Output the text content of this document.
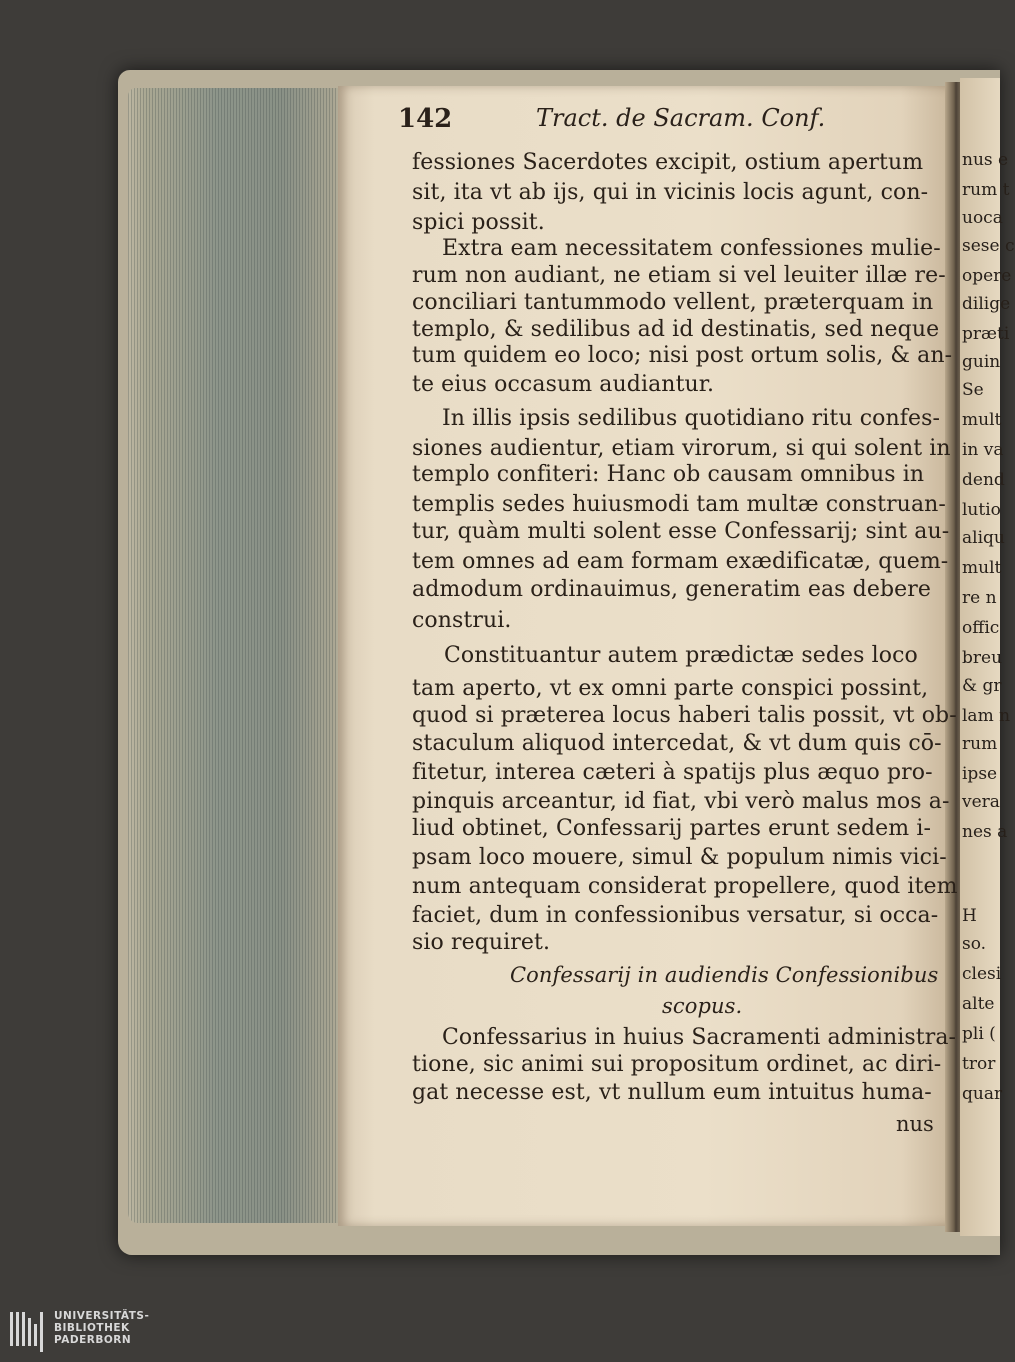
nus e
rum t
uoca
sese c
opere
dilige
præti
guin
Se
mult
in va
dend
lutio
aliqu
mult
re n
offic
breu
& gr
lam n
rum
ipse
vera
nes a
H
so.
clesi
alte
pli (
tror
quar
142	Tract. de Sacram. Conf.
fessiones Sacerdotes excipit, ostium apertum
sit, ita vt ab ijs, qui in vicinis locis agunt, con-
spici possit.
Extra eam necessitatem confessiones mulie-
rum non audiant, ne etiam si vel leuiter illæ re-
conciliari tantummodo vellent, præterquam in
templo, & sedilibus ad id destinatis, sed neque
tum quidem eo loco; nisi post ortum solis, & an-
te eius occasum audiantur.
In illis ipsis sedilibus quotidiano ritu confes-
siones audientur, etiam virorum, si qui solent in
templo confiteri: Hanc ob causam omnibus in
templis sedes huiusmodi tam multæ construan-
tur, quàm multi solent esse Confessarij; sint au-
tem omnes ad eam formam exædificatæ, quem-
admodum ordinauimus, generatim eas debere
construi.
Constituantur autem prædictæ sedes loco
tam aperto, vt ex omni parte conspici possint,
quod si præterea locus haberi talis possit, vt ob-
staculum aliquod intercedat, & vt dum quis cō-
fitetur, interea cæteri à spatijs plus æquo pro-
pinquis arceantur, id fiat, vbi verò malus mos a-
liud obtinet, Confessarij partes erunt sedem i-
psam loco mouere, simul & populum nimis vici-
num antequam considerat propellere, quod item
faciet, dum in confessionibus versatur, si occa-
sio requiret.
Confessarij in audiendis Confessionibus
scopus.
Confessarius in huius Sacramenti administra-
tione, sic animi sui propositum ordinet, ac diri-
gat necesse est, vt nullum eum intuitus huma-
nus
UNIVERSITÄTS-
BIBLIOTHEK
PADERBORN
